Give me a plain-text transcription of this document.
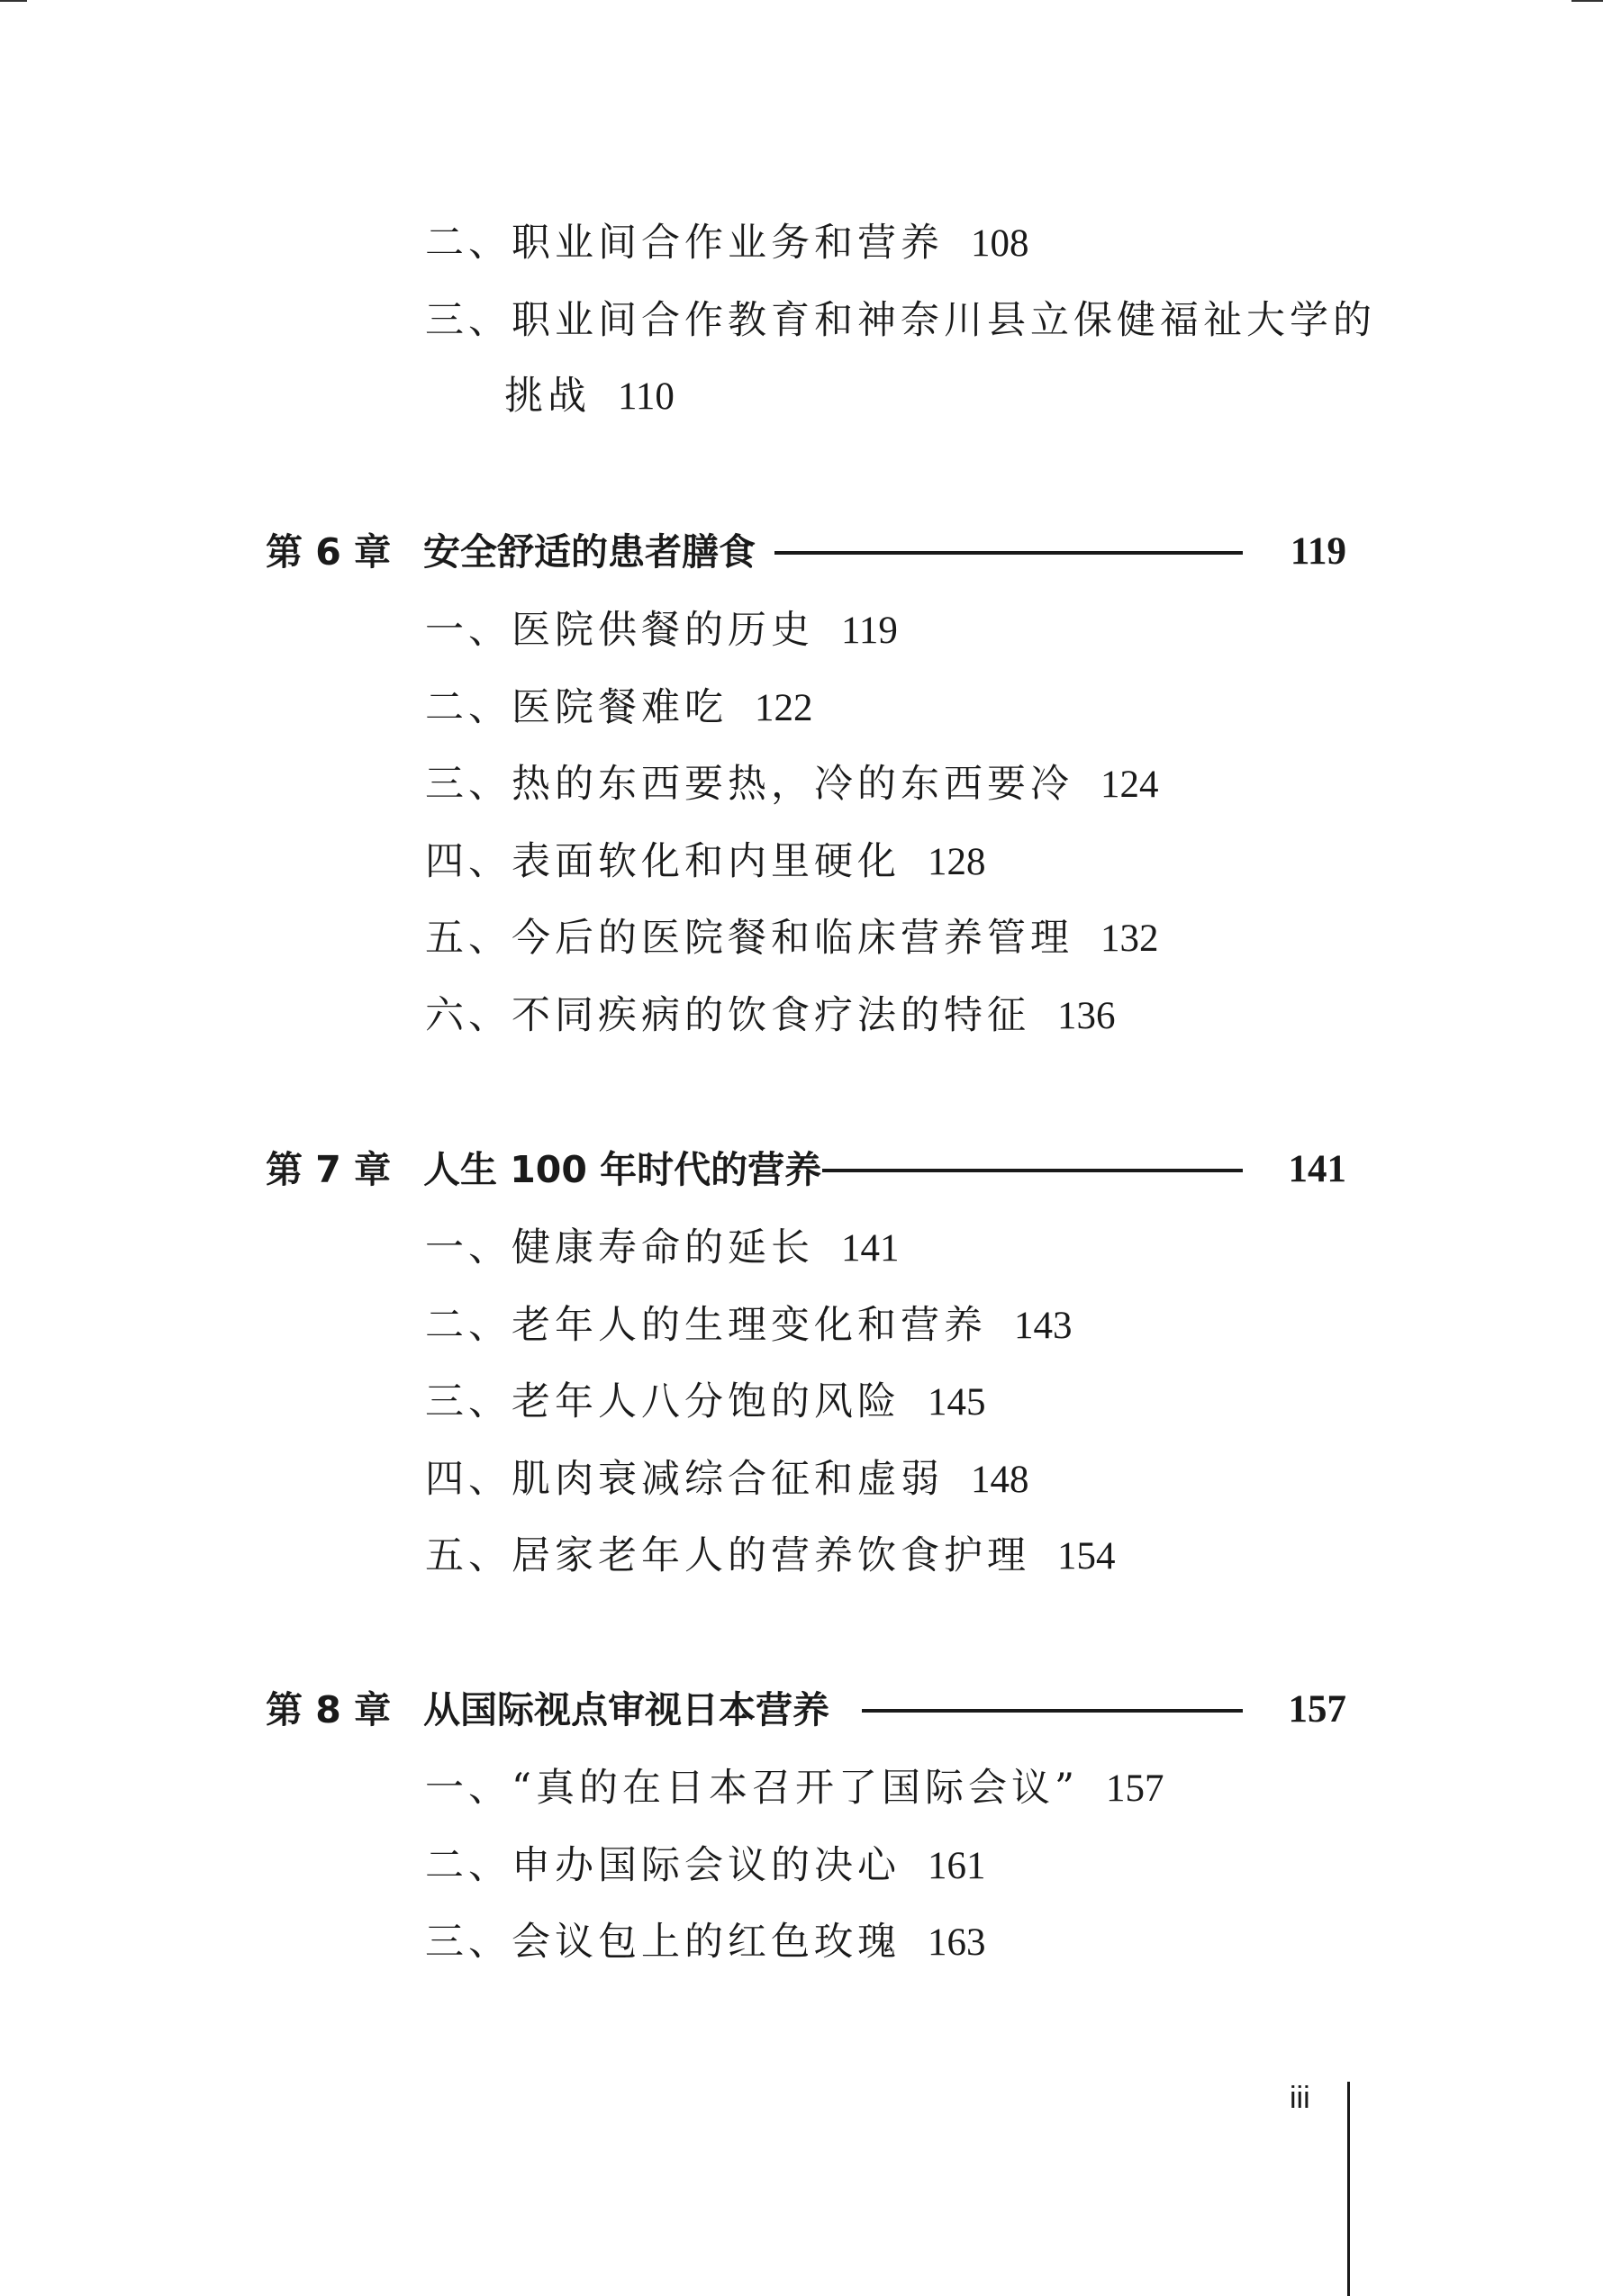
二、职业间合作业务和营养 108
三、职业间合作教育和神奈川县立保健福祉大学的
挑战 110
第 6 章 安全舒适的患者膳食	119
一、医院供餐的历史 119
二、医院餐难吃 122
三、热的东西要热，冷的东西要冷 124
四、表面软化和内里硬化 128
五、今后的医院餐和临床营养管理 132
六、不同疾病的饮食疗法的特征 136
第 7 章 人生 100 年时代的营养	141
一、健康寿命的延长 141
二、老年人的生理变化和营养 143
三、老年人八分饱的风险 145
四、肌肉衰减综合征和虚弱 148
五、居家老年人的营养饮食护理 154
第 8 章 从国际视点审视日本营养	157
一、“真的在日本召开了国际会议” 157
二、申办国际会议的决心 161
三、会议包上的红色玫瑰 163
iii
